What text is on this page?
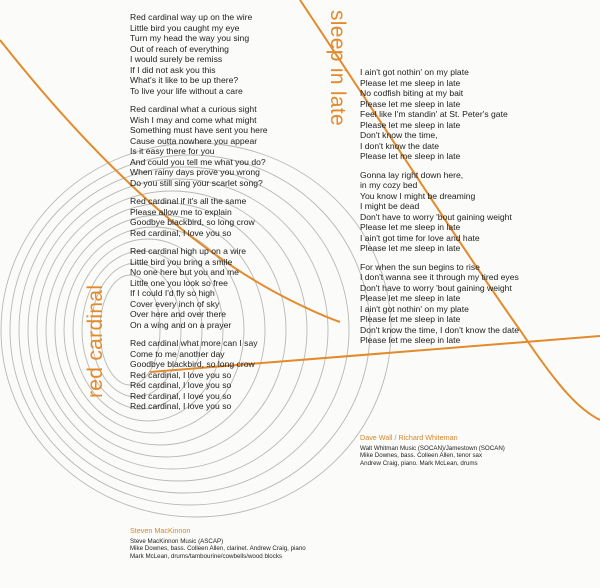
red cardinal
sleep in late
Red cardinal way up on the wire
Little bird you caught my eye
Turn my head the way you sing
Out of reach of everything
I would surely be remiss
If I did not ask you this
What's it like to be up there?
To live your life without a care
Red cardinal what a curious sight
Wish I may and come what might
Something must have sent you here
Cause outta nowhere you appear
Is it easy there for you
And could you tell me what you do?
When rainy days prove you wrong
Do you still sing your scarlet song?
Red cardinal if it's all the same
Please allow me to explain
Goodbye blackbird, so long crow
Red cardinal, I love you so
Red cardinal high up on a wire
Little bird you bring a smile
No one here but you and me
Little one you look so free
If I could I'd fly so high
Cover every inch of sky
Over here and over there
On a wing and on a prayer
Red cardinal what more can I say
Come to me another day
Goodbye blackbird, so long crow
Red cardinal, I love you so
Red cardinal, I love you so
Red cardinal, I love you so
Red cardinal, I love you so
I ain't got nothin' on my plate
Please let me sleep in late
No codfish biting at my bait
Please let me sleep in late
Feel like I'm standin' at St. Peter's gate
Please let me sleep in late
Don't know the time,
I don't know the date
Please let me sleep in late
Gonna lay right down here,
in my cozy bed
You know I might be dreaming
I might be dead
Don't have to worry 'bout gaining weight
Please let me sleep in late
I ain't got time for love and hate
Please let me sleep in late
For when the sun begins to rise
I don't wanna see it through my tired eyes
Don't have to worry 'bout gaining weight
Please let me sleep in late
I ain't got nothin' on my plate
Please let me sleep in late
Don't know the time, I don't know the date
Please let me sleep in late
Steven MacKinnon
Steve MacKinnon Music (ASCAP)
Mike Downes, bass. Colleen Allen, clarinet. Andrew Craig, piano
Mark McLean, drums/tambourine/cowbells/wood blocks
Dave Wall / Richard Whiteman
Walt Whitman Music (SOCAN)/Jamestown (SOCAN)
Mike Downes, bass. Colleen Allen, tenor sax
Andrew Craig, piano. Mark McLean, drums
